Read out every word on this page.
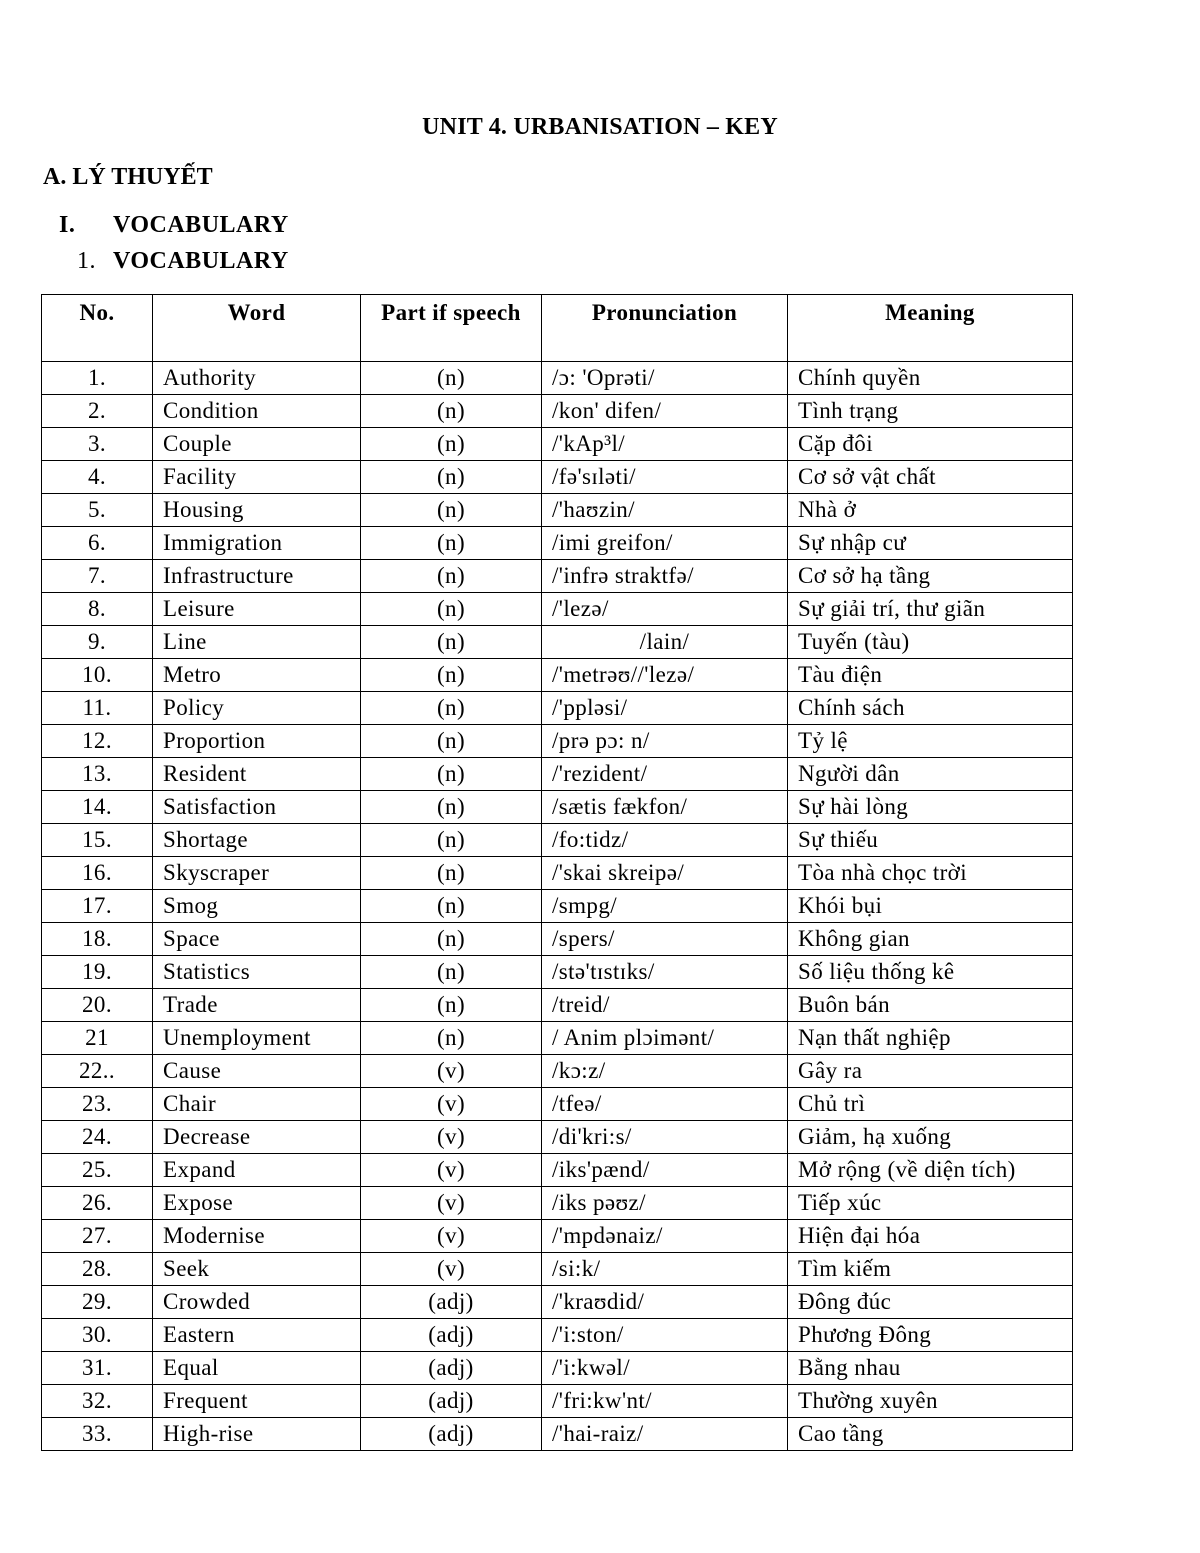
UNIT 4. URBANISATION – KEY
A. LÝ THUYẾT
I. VOCABULARY
1. VOCABULARY
No.	Word	Part if speech	Pronunciation	Meaning
1.	Authority	(n)	/ɔ: 'Oprəti/	Chính quyền
2.	Condition	(n)	/kon' difen/	Tình trạng
3.	Couple	(n)	/'kAp³l/	Cặp đôi
4.	Facility	(n)	/fə'sɪləti/	Cơ sở vật chất
5.	Housing	(n)	/'haʊzin/	Nhà ở
6.	Immigration	(n)	/imi greifon/	Sự nhập cư
7.	Infrastructure	(n)	/'infrə straktfə/	Cơ sở hạ tầng
8.	Leisure	(n)	/'lezə/	Sự giải trí, thư giãn
9.	Line	(n)	/lain/	Tuyến (tàu)
10.	Metro	(n)	/'metrəʊ//'lezə/	Tàu điện
11.	Policy	(n)	/'ppləsi/	Chính sách
12.	Proportion	(n)	/prə pɔ: n/	Tỷ lệ
13.	Resident	(n)	/'rezident/	Người dân
14.	Satisfaction	(n)	/sætis fækfon/	Sự hài lòng
15.	Shortage	(n)	/fo:tidz/	Sự thiếu
16.	Skyscraper	(n)	/'skai skreipə/	Tòa nhà chọc trời
17.	Smog	(n)	/smpg/	Khói bụi
18.	Space	(n)	/spers/	Không gian
19.	Statistics	(n)	/stə'tɪstɪks/	Số liệu thống kê
20.	Trade	(n)	/treid/	Buôn bán
21	Unemployment	(n)	/ Anim plɔimənt/	Nạn thất nghiệp
22..	Cause	(v)	/kɔ:z/	Gây ra
23.	Chair	(v)	/tfeə/	Chủ trì
24.	Decrease	(v)	/di'kri:s/	Giảm, hạ xuống
25.	Expand	(v)	/iks'pænd/	Mở rộng (về diện tích)
26.	Expose	(v)	/iks pəʊz/	Tiếp xúc
27.	Modernise	(v)	/'mpdənaiz/	Hiện đại hóa
28.	Seek	(v)	/si:k/	Tìm kiếm
29.	Crowded	(adj)	/'kraʊdid/	Đông đúc
30.	Eastern	(adj)	/'i:ston/	Phương Đông
31.	Equal	(adj)	/'i:kwəl/	Bằng nhau
32.	Frequent	(adj)	/'fri:kw'nt/	Thường xuyên
33.	High-rise	(adj)	/'hai-raiz/	Cao tầng
